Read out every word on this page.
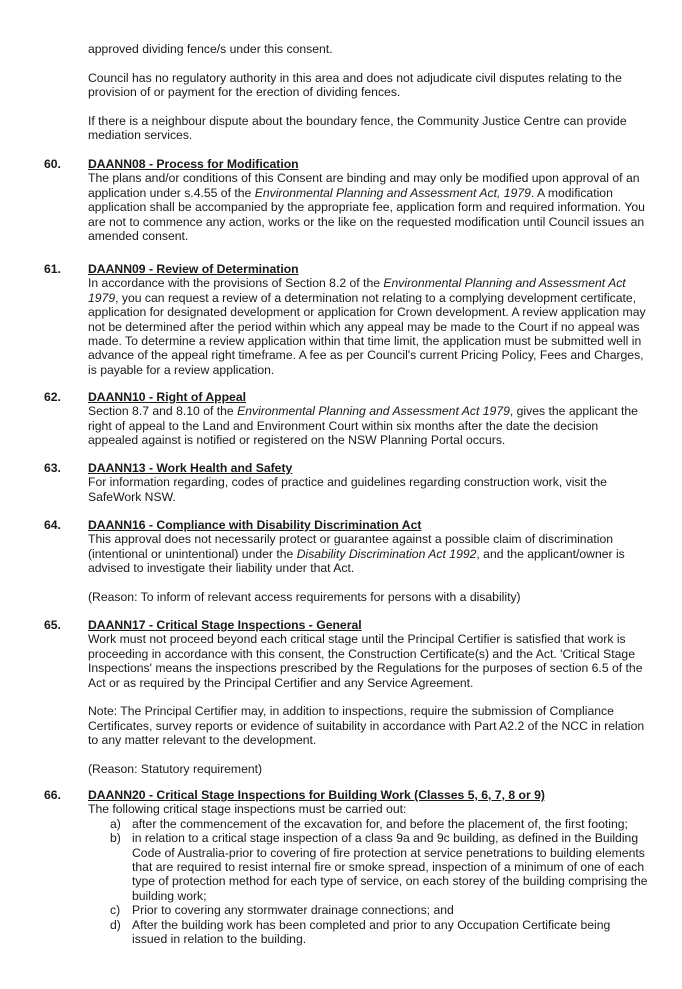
approved dividing fence/s under this consent.

Council has no regulatory authority in this area and does not adjudicate civil disputes relating to the provision of or payment for the erection of dividing fences.

If there is a neighbour dispute about the boundary fence, the Community Justice Centre can provide mediation services.

60.	DAANN08 - Process for Modification

The plans and/or conditions of this Consent are binding and may only be modified upon approval of an application under s.4.55 of the Environmental Planning and Assessment Act, 1979. A modification application shall be accompanied by the appropriate fee, application form and required information. You are not to commence any action, works or the like on the requested modification until Council issues an amended consent.

61.	DAANN09 - Review of Determination

In accordance with the provisions of Section 8.2 of the Environmental Planning and Assessment Act 1979, you can request a review of a determination not relating to a complying development certificate, application for designated development or application for Crown development. A review application may not be determined after the period within which any appeal may be made to the Court if no appeal was made. To determine a review application within that time limit, the application must be submitted well in advance of the appeal right timeframe. A fee as per Council's current Pricing Policy, Fees and Charges, is payable for a review application.

62.	DAANN10 - Right of Appeal

Section 8.7 and 8.10 of the Environmental Planning and Assessment Act 1979, gives the applicant the right of appeal to the Land and Environment Court within six months after the date the decision appealed against is notified or registered on the NSW Planning Portal occurs.

63.	DAANN13 - Work Health and Safety

For information regarding, codes of practice and guidelines regarding construction work, visit the SafeWork NSW.

64.	DAANN16 - Compliance with Disability Discrimination Act

This approval does not necessarily protect or guarantee against a possible claim of discrimination (intentional or unintentional) under the Disability Discrimination Act 1992, and the applicant/owner is advised to investigate their liability under that Act.

(Reason: To inform of relevant access requirements for persons with a disability)

65.	DAANN17 - Critical Stage Inspections - General

Work must not proceed beyond each critical stage until the Principal Certifier is satisfied that work is proceeding in accordance with this consent, the Construction Certificate(s) and the Act. 'Critical Stage Inspections' means the inspections prescribed by the Regulations for the purposes of section 6.5 of the Act or as required by the Principal Certifier and any Service Agreement.

Note: The Principal Certifier may, in addition to inspections, require the submission of Compliance Certificates, survey reports or evidence of suitability in accordance with Part A2.2 of the NCC in relation to any matter relevant to the development.

(Reason: Statutory requirement)

66.	DAANN20 - Critical Stage Inspections for Building Work (Classes 5, 6, 7, 8 or 9)

The following critical stage inspections must be carried out:

a) after the commencement of the excavation for, and before the placement of, the first footing;
b) in relation to a critical stage inspection of a class 9a and 9c building, as defined in the Building Code of Australia-prior to covering of fire protection at service penetrations to building elements that are required to resist internal fire or smoke spread, inspection of a minimum of one of each type of protection method for each type of service, on each storey of the building comprising the building work;
c) Prior to covering any stormwater drainage connections; and
d) After the building work has been completed and prior to any Occupation Certificate being issued in relation to the building.
